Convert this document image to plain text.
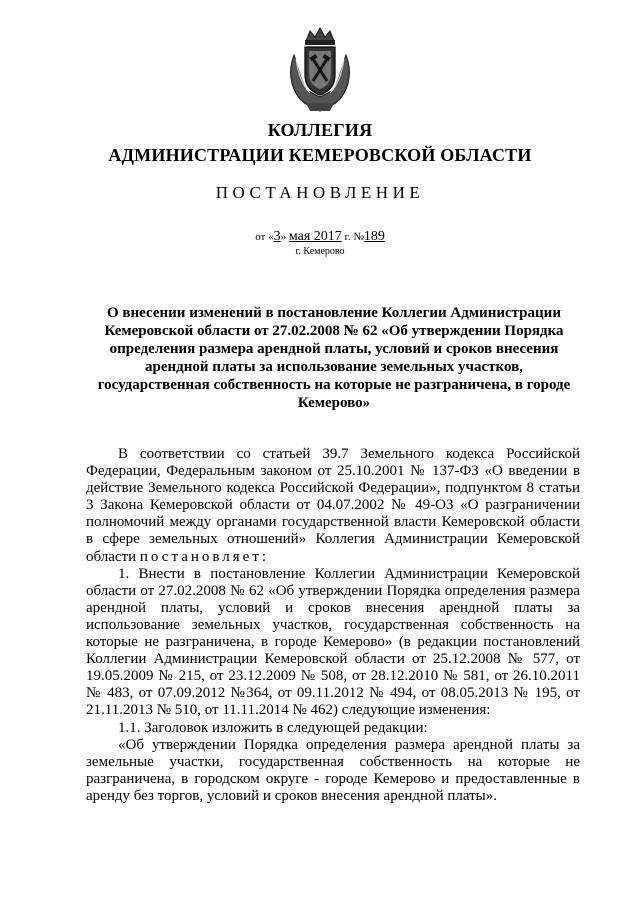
КОЛЛЕГИЯ
АДМИНИСТРАЦИИ КЕМЕРОВСКОЙ ОБЛАСТИ
ПОСТАНОВЛЕНИЕ
от «3» мая 2017 г. №189
г. Кемерово
О внесении изменений в постановление Коллегии Администрации Кемеровской области от 27.02.2008 № 62 «Об утверждении Порядка определения размера арендной платы, условий и сроков внесения арендной платы за использование земельных участков, государственная собственность на которые не разграничена, в городе Кемерово»

В соответствии со статьей 39.7 Земельного кодекса Российской Федерации, Федеральным законом от 25.10.2001 № 137-ФЗ «О введении в действие Земельного кодекса Российской Федерации», подпунктом 8 статьи 3 Закона Кемеровской области от 04.07.2002 № 49-ОЗ «О разграничении полномочий между органами государственной власти Кемеровской области в сфере земельных отношений» Коллегия Администрации Кемеровской области постановляет:

1. Внести в постановление Коллегии Администрации Кемеровской области от 27.02.2008 № 62 «Об утверждении Порядка определения размера арендной платы, условий и сроков внесения арендной платы за использование земельных участков, государственная собственность на которые не разграничена, в городе Кемерово» (в редакции постановлений Коллегии Администрации Кемеровской области от 25.12.2008 № 577, от 19.05.2009 № 215, от 23.12.2009 № 508, от 28.12.2010 № 581, от 26.10.2011 № 483, от 07.09.2012 №364, от 09.11.2012 № 494, от 08.05.2013 № 195, от 21.11.2013 № 510, от 11.11.2014 № 462) следующие изменения:

1.1. Заголовок изложить в следующей редакции:

«Об утверждении Порядка определения размера арендной платы за земельные участки, государственная собственность на которые не разграничена, в городском округе - городе Кемерово и предоставленные в аренду без торгов, условий и сроков внесения арендной платы».
